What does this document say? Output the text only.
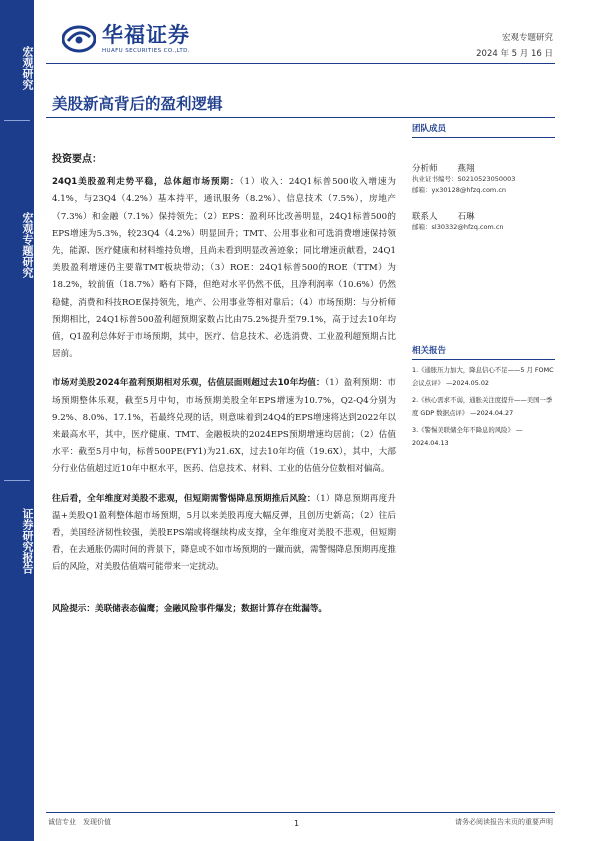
宏观研究
宏观专题研究
证券研究报告
华福证券
HUAFU SECURITIES CO.,LTD.
宏观专题研究
2024 年 5 月 16 日
美股新高背后的盈利逻辑
投资要点：

24Q1美股盈利走势平稳，总体超市场预期：（1）收入：24Q1标普500收入增速为4.1%，与23Q4（4.2%）基本持平，通讯服务（8.2%）、信息技术（7.5%），房地产（7.3%）和金融（7.1%）保持领先；（2）EPS：盈利环比改善明显，24Q1标普500的EPS增速为5.3%，较23Q4（4.2%）明显回升；TMT、公用事业和可选消费增速保持领先，能源、医疗健康和材料维持负增，且尚未看到明显改善迹象；同比增速贡献看，24Q1美股盈利增速仍主要靠TMT板块带动；（3）ROE：24Q1标普500的ROE（TTM）为18.2%，较前值（18.7%）略有下降，但绝对水平仍然不低，且净利润率（10.6%）仍然稳健，消费和科技ROE保持领先，地产、公用事业等相对靠后；（4）市场预期：与分析师预期相比，24Q1标普500盈利超预期家数占比由75.2%提升至79.1%，高于过去10年均值，Q1盈利总体好于市场预期，其中，医疗、信息技术、必选消费、工业盈利超预期占比居前。

市场对美股2024年盈利预期相对乐观，估值层面则超过去10年均值：（1）盈利预期：市场预期整体乐观，截至5月中旬，市场预期美股全年EPS增速为10.7%，Q2-Q4分别为9.2%、8.0%、17.1%，若最终兑现的话，则意味着到24Q4的EPS增速将达到2022年以来最高水平，其中，医疗健康、TMT、金融板块的2024EPS预期增速均居前；（2）估值水平：截至5月中旬，标普500PE(FY1)为21.6X，过去10年均值（19.6X），其中，大部分行业估值超过近10年中枢水平，医药、信息技术、材料、工业的估值分位数相对偏高。

往后看，全年维度对美股不悲观，但短期需警惕降息预期推后风险：（1）降息预期再度升温+美股Q1盈利整体超市场预期，5月以来美股再度大幅反弹，且创历史新高；（2）往后看，美国经济韧性较强，美股EPS端或将继续构成支撑，全年维度对美股不悲观，但短期看，在去通胀仍需时间的背景下，降息或不如市场预期的一蹴而就，需警惕降息预期再度推后的风险，对美股估值端可能带来一定扰动。

风险提示：美联储表态偏鹰；金融风险事件爆发；数据计算存在纰漏等。
团队成员
分析师 燕翔
执业证书编号：S0210523050003
邮箱：yx30128@hfzq.com.cn
联系人 石琳
邮箱：sl30332@hfzq.com.cn
相关报告
1.《通胀压力加大，降息信心不足——5 月 FOMC 会议点评》 —2024.05.02
2.《核心需求不弱，通胀关注度提升——美国一季度 GDP 数据点评》 —2024.04.27
3.《警惕美联储全年不降息的风险》 —2024.04.13
诚信专业　发现价值	1	请务必阅读报告末页的重要声明
